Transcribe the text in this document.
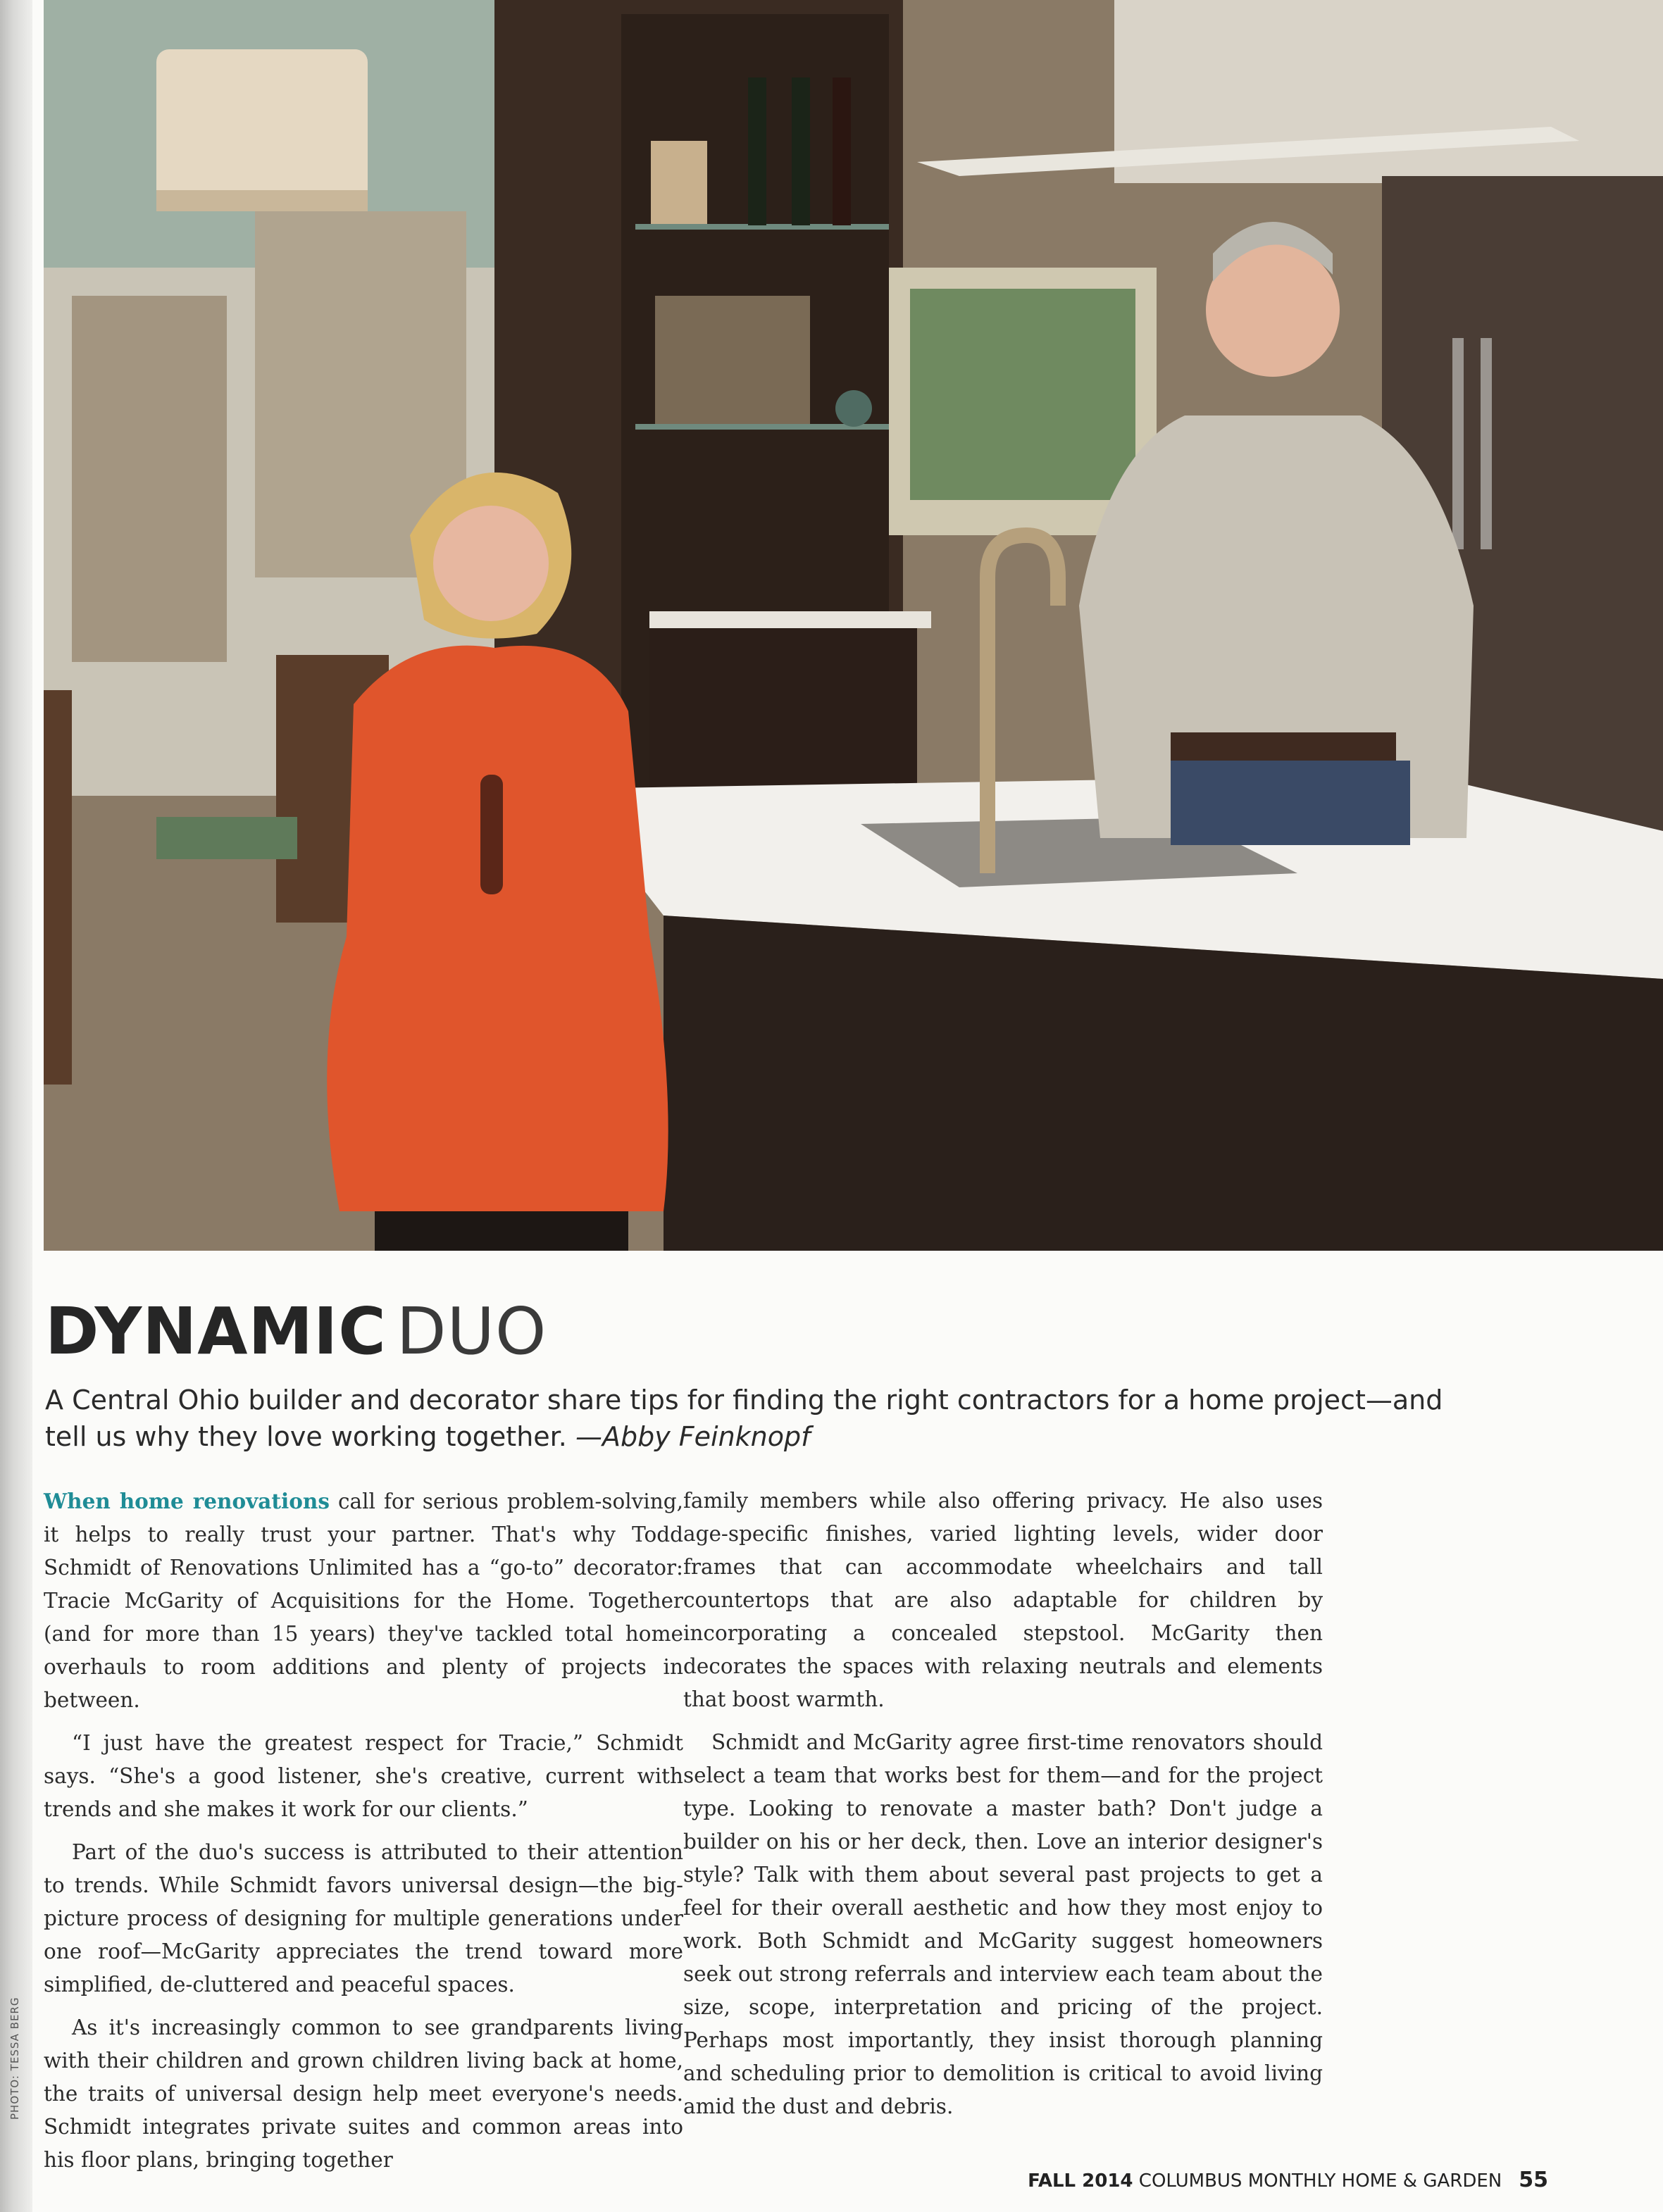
PHOTO: TESSA BERG
DYNAMIC DUO

A Central Ohio builder and decorator share tips for finding the right contractors for a home project—and tell us why they love working together. —Abby Feinknopf

When home renovations call for serious problem-solving, it helps to really trust your partner. That's why Todd Schmidt of Renovations Unlimited has a “go-to” decorator: Tracie McGarity of Acquisitions for the Home. Together (and for more than 15 years) they've tackled total home overhauls to room additions and plenty of projects in between.

“I just have the greatest respect for Tracie,” Schmidt says. “She's a good listener, she's creative, current with trends and she makes it work for our clients.”

Part of the duo's success is attributed to their attention to trends. While Schmidt favors universal design—the big-picture process of designing for multiple generations under one roof—McGarity appreciates the trend toward more simplified, de-cluttered and peaceful spaces.

As it's increasingly common to see grandparents living with their children and grown children living back at home, the traits of universal design help meet everyone's needs. Schmidt integrates private suites and common areas into his floor plans, bringing together

family members while also offering privacy. He also uses age-specific finishes, varied lighting levels, wider door frames that can accommodate wheelchairs and tall countertops that are also adaptable for children by incorporating a concealed stepstool. McGarity then decorates the spaces with relaxing neutrals and elements that boost warmth.

Schmidt and McGarity agree first-time renovators should select a team that works best for them—and for the project type. Looking to renovate a master bath? Don't judge a builder on his or her deck, then. Love an interior designer's style? Talk with them about several past projects to get a feel for their overall aesthetic and how they most enjoy to work. Both Schmidt and McGarity suggest homeowners seek out strong referrals and interview each team about the size, scope, interpretation and pricing of the project. Perhaps most importantly, they insist thorough planning and scheduling prior to demolition is critical to avoid living amid the dust and debris.

FALL 2014 COLUMBUS MONTHLY HOME & GARDEN 55
